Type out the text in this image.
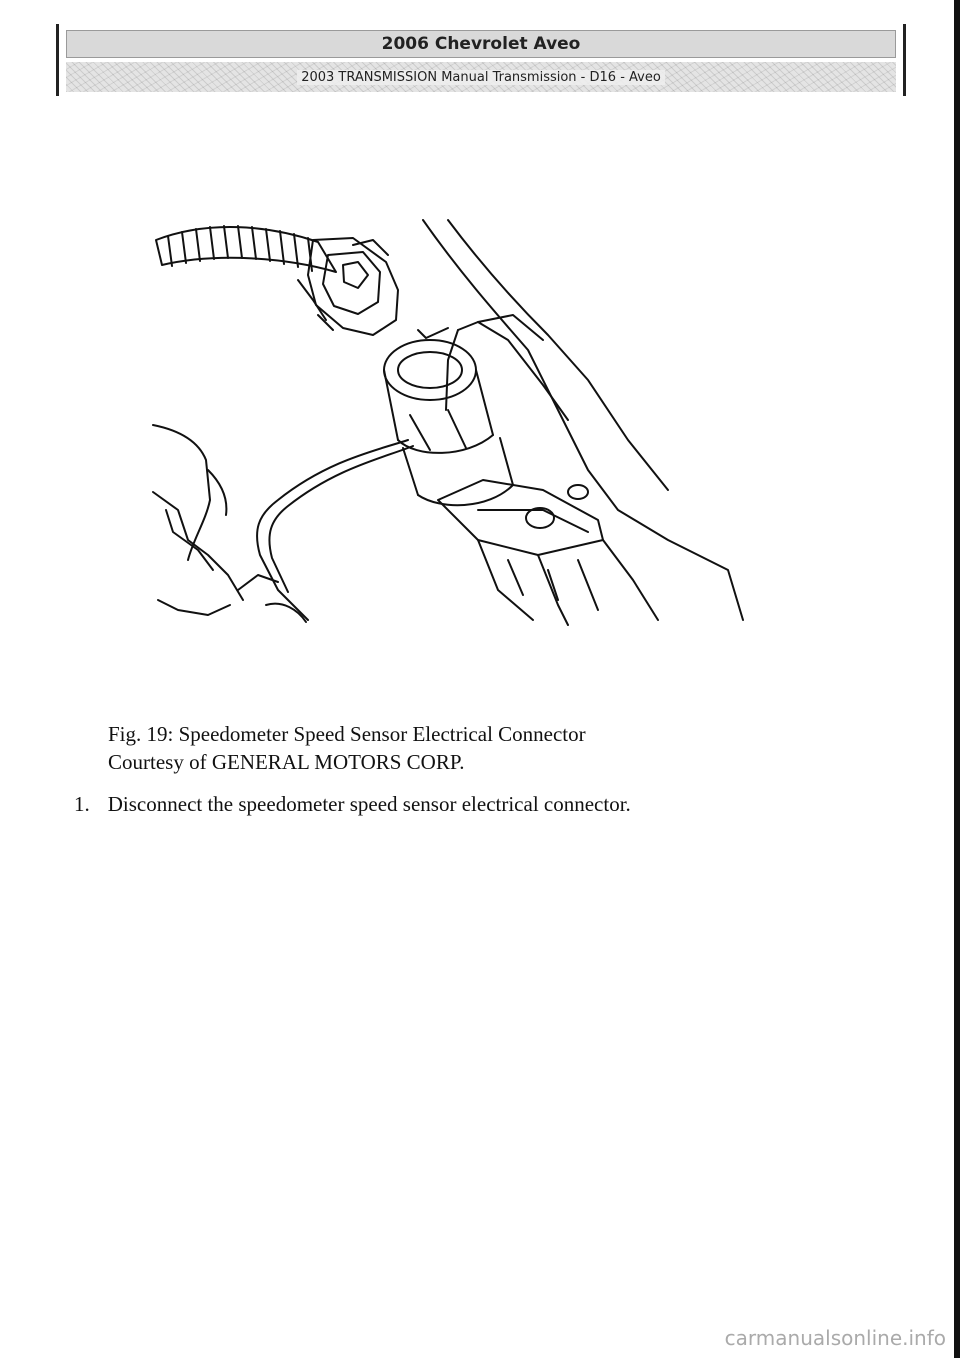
2006 Chevrolet Aveo
2003 TRANSMISSION Manual Transmission - D16 - Aveo
Fig. 19: Speedometer Speed Sensor Electrical Connector
Courtesy of GENERAL MOTORS CORP.
1. Disconnect the speedometer speed sensor electrical connector.
carmanualsonline.info
